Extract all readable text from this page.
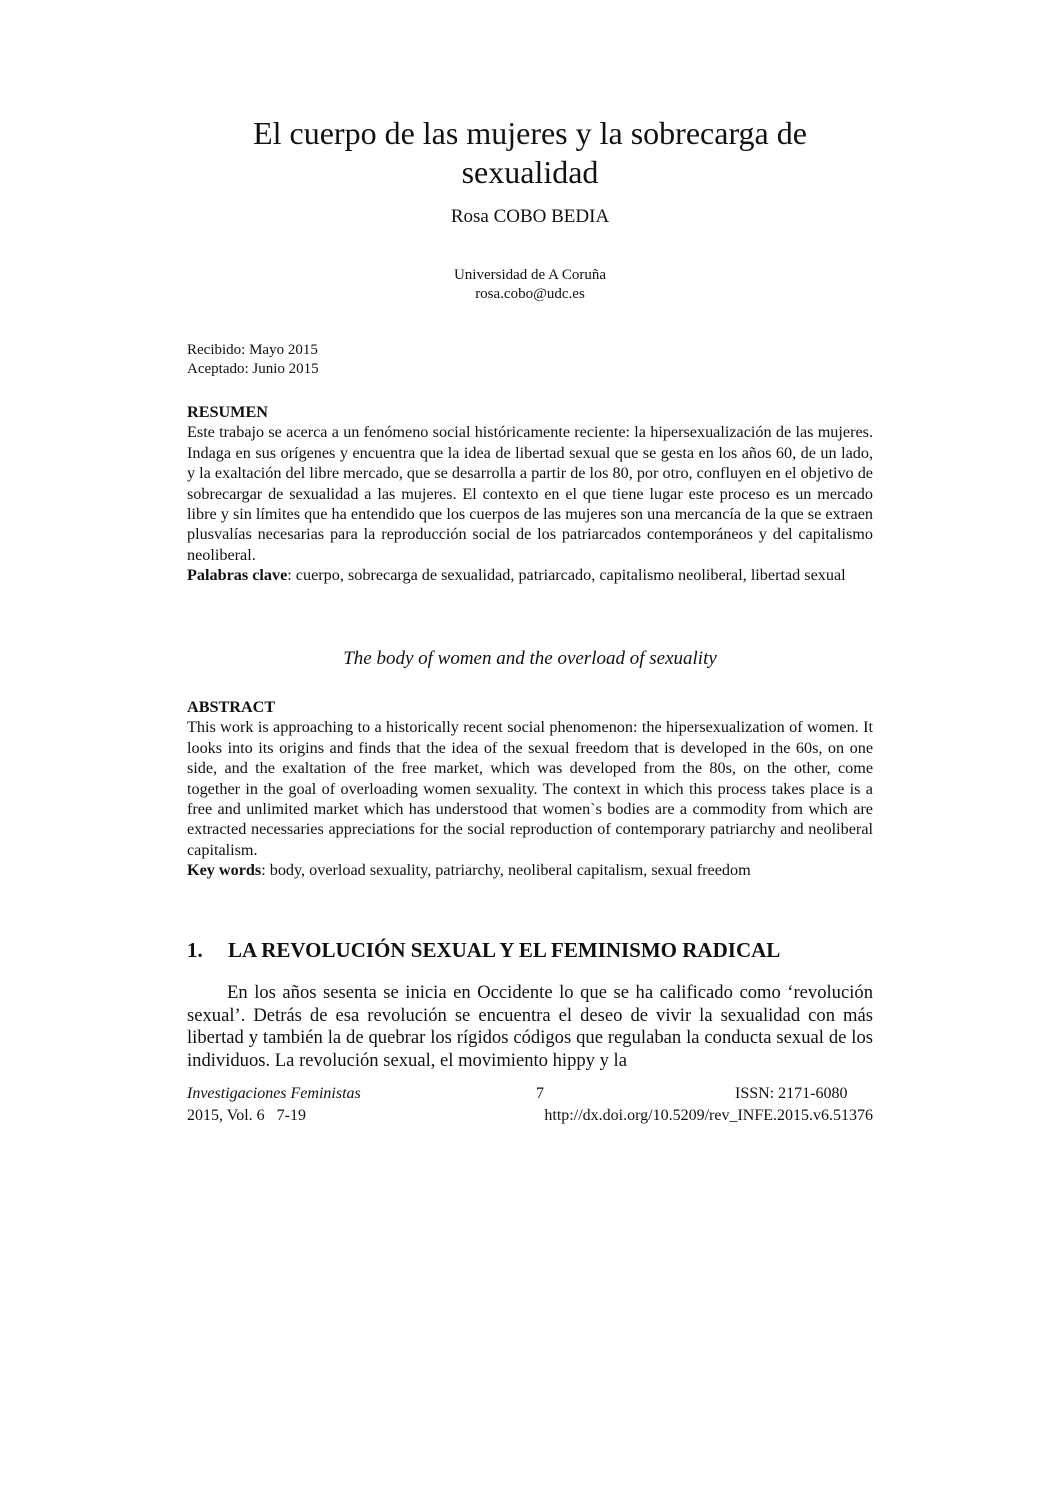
El cuerpo de las mujeres y la sobrecarga de sexualidad
Rosa COBO BEDIA
Universidad de A Coruña
rosa.cobo@udc.es
Recibido: Mayo 2015
Aceptado: Junio 2015
RESUMEN
Este trabajo se acerca a un fenómeno social históricamente reciente: la hipersexualización de las mujeres. Indaga en sus orígenes y encuentra que la idea de libertad sexual que se gesta en los años 60, de un lado, y la exaltación del libre mercado, que se desarrolla a partir de los 80, por otro, confluyen en el objetivo de sobrecargar de sexualidad a las mujeres. El contexto en el que tiene lugar este proceso es un mercado libre y sin límites que ha entendido que los cuerpos de las mujeres son una mercancía de la que se extraen plusvalías necesarias para la reproducción social de los patriarcados contemporáneos y del capitalismo neoliberal.
Palabras clave: cuerpo, sobrecarga de sexualidad, patriarcado, capitalismo neoliberal, libertad sexual
The body of women and the overload of sexuality
ABSTRACT
This work is approaching to a historically recent social phenomenon: the hipersexualization of women. It looks into its origins and finds that the idea of the sexual freedom that is developed in the 60s, on one side, and the exaltation of the free market, which was developed from the 80s, on the other, come together in the goal of overloading women sexuality. The context in which this process takes place is a free and unlimited market which has understood that women`s bodies are a commodity from which are extracted necessaries appreciations for the social reproduction of contemporary patriarchy and neoliberal capitalism.
Key words: body, overload sexuality, patriarchy, neoliberal capitalism, sexual freedom
1. LA REVOLUCIÓN SEXUAL Y EL FEMINISMO RADICAL
En los años sesenta se inicia en Occidente lo que se ha calificado como ‘revolución sexual’. Detrás de esa revolución se encuentra el deseo de vivir la sexualidad con más libertad y también la de quebrar los rígidos códigos que regulaban la conducta sexual de los individuos. La revolución sexual, el movimiento hippy y la
Investigaciones Feministas	7	ISSN: 2171-6080
2015, Vol. 6   7-19	http://dx.doi.org/10.5209/rev_INFE.2015.v6.51376
